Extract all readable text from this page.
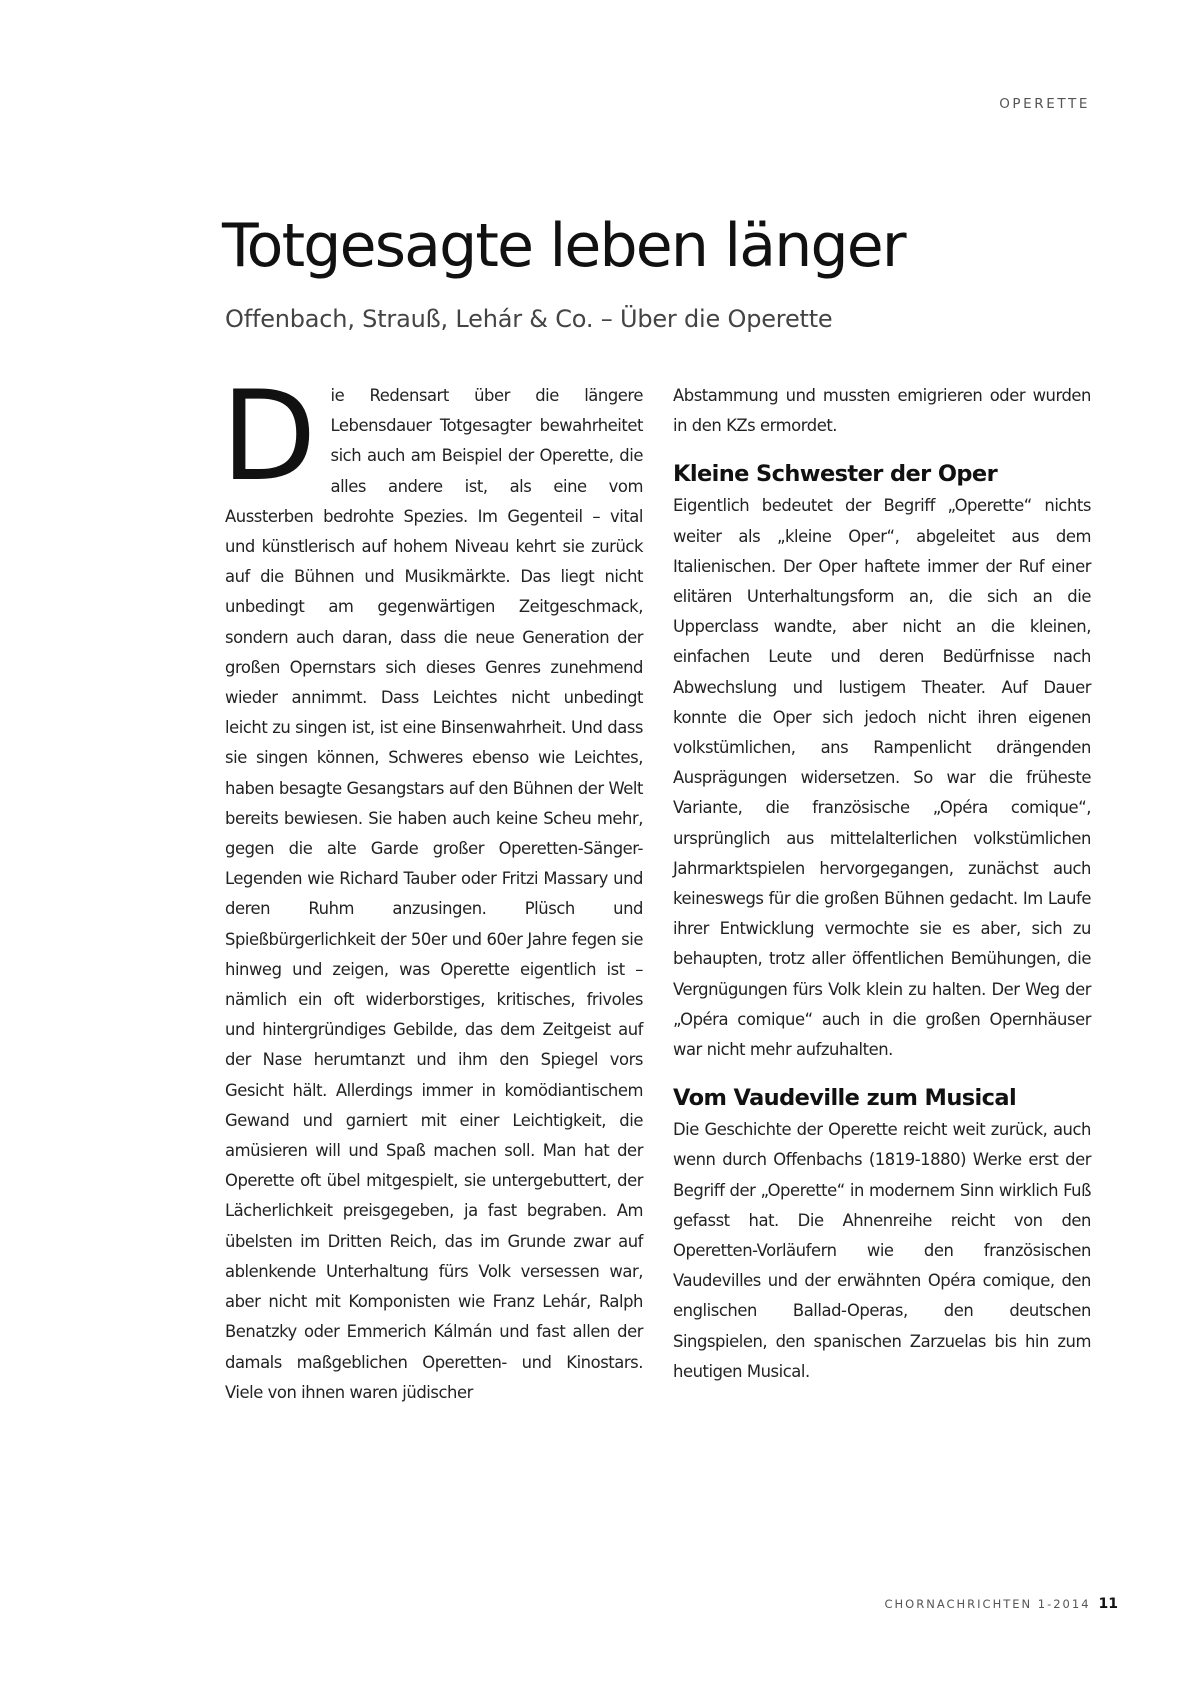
OPERETTE
Totgesagte leben länger
Offenbach, Strauß, Lehár & Co. – Über die Operette

Die Redensart über die längere Lebensdauer Totgesagter bewahrheitet sich auch am Beispiel der Operette, die alles andere ist, als eine vom Aussterben bedrohte Spezies. Im Gegenteil – vital und künstlerisch auf hohem Niveau kehrt sie zurück auf die Bühnen und Musikmärkte. Das liegt nicht unbedingt am gegenwärtigen Zeitgeschmack, sondern auch daran, dass die neue Generation der großen Opernstars sich dieses Genres zunehmend wieder annimmt. Dass Leichtes nicht unbedingt leicht zu singen ist, ist eine Binsenwahrheit. Und dass sie singen können, Schweres ebenso wie Leichtes, haben besagte Gesangstars auf den Bühnen der Welt bereits bewiesen. Sie haben auch keine Scheu mehr, gegen die alte Garde großer Operetten-Sänger-Legenden wie Richard Tauber oder Fritzi Massary und deren Ruhm anzusingen. Plüsch und Spießbürgerlichkeit der 50er und 60er Jahre fegen sie hinweg und zeigen, was Operette eigentlich ist – nämlich ein oft widerborstiges, kritisches, frivoles und hintergründiges Gebilde, das dem Zeitgeist auf der Nase herumtanzt und ihm den Spiegel vors Gesicht hält. Allerdings immer in komödiantischem Gewand und garniert mit einer Leichtigkeit, die amüsieren will und Spaß machen soll. Man hat der Operette oft übel mitgespielt, sie untergebuttert, der Lächerlichkeit preisgegeben, ja fast begraben. Am übelsten im Dritten Reich, das im Grunde zwar auf ablenkende Unterhaltung fürs Volk versessen war, aber nicht mit Komponisten wie Franz Lehár, Ralph Benatzky oder Emmerich Kálmán und fast allen der damals maßgeblichen Operetten- und Kinostars. Viele von ihnen waren jüdischer

Abstammung und mussten emigrieren oder wurden in den KZs ermordet.

Kleine Schwester der Oper

Eigentlich bedeutet der Begriff „Operette“ nichts weiter als „kleine Oper“, abgeleitet aus dem Italienischen. Der Oper haftete immer der Ruf einer elitären Unterhaltungsform an, die sich an die Upperclass wandte, aber nicht an die kleinen, einfachen Leute und deren Bedürfnisse nach Abwechslung und lustigem Theater. Auf Dauer konnte die Oper sich jedoch nicht ihren eigenen volkstümlichen, ans Rampenlicht drängenden Ausprägungen widersetzen. So war die früheste Variante, die französische „Opéra comique“, ursprünglich aus mittelalterlichen volkstümlichen Jahrmarktspielen hervorgegangen, zunächst auch keineswegs für die großen Bühnen gedacht. Im Laufe ihrer Entwicklung vermochte sie es aber, sich zu behaupten, trotz aller öffentlichen Bemühungen, die Vergnügungen fürs Volk klein zu halten. Der Weg der „Opéra comique“ auch in die großen Opernhäuser war nicht mehr aufzuhalten.

Vom Vaudeville zum Musical

Die Geschichte der Operette reicht weit zurück, auch wenn durch Offenbachs (1819-1880) Werke erst der Begriff der „Operette“ in modernem Sinn wirklich Fuß gefasst hat. Die Ahnenreihe reicht von den Operetten-Vorläufern wie den französischen Vaudevilles und der erwähnten Opéra comique, den englischen Ballad-Operas, den deutschen Singspielen, den spanischen Zarzuelas bis hin zum heutigen Musical.

CHORNACHRICHTEN 1-2014 11
